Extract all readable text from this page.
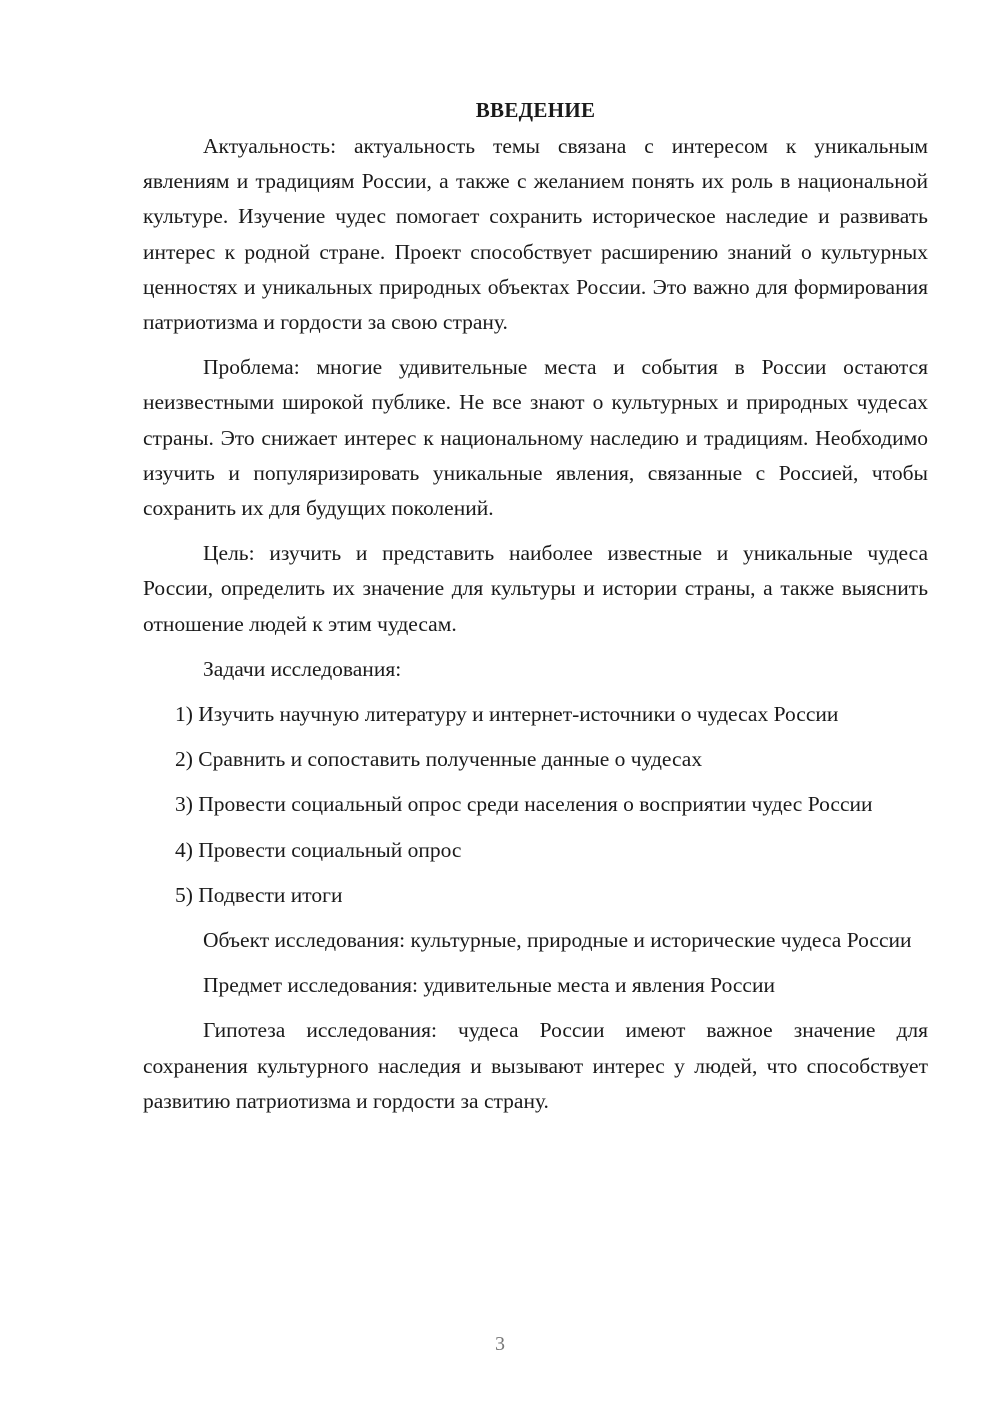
ВВЕДЕНИЕ

Актуальность: актуальность темы связана с интересом к уникальным явлениям и традициям России, а также с желанием понять их роль в национальной культуре. Изучение чудес помогает сохранить историческое наследие и развивать интерес к родной стране. Проект способствует расширению знаний о культурных ценностях и уникальных природных объектах России. Это важно для формирования патриотизма и гордости за свою страну.

Проблема: многие удивительные места и события в России остаются неизвестными широкой публике. Не все знают о культурных и природных чудесах страны. Это снижает интерес к национальному наследию и традициям. Необходимо изучить и популяризировать уникальные явления, связанные с Россией, чтобы сохранить их для будущих поколений.

Цель: изучить и представить наиболее известные и уникальные чудеса России, определить их значение для культуры и истории страны, а также выяснить отношение людей к этим чудесам.

Задачи исследования:

1) Изучить научную литературу и интернет-источники о чудесах России

2) Сравнить и сопоставить полученные данные о чудесах

3) Провести социальный опрос среди населения о восприятии чудес России

4) Провести социальный опрос

5) Подвести итоги

Объект исследования: культурные, природные и исторические чудеса России

Предмет исследования: удивительные места и явления России

Гипотеза исследования: чудеса России имеют важное значение для сохранения культурного наследия и вызывают интерес у людей, что способствует развитию патриотизма и гордости за страну.

3
